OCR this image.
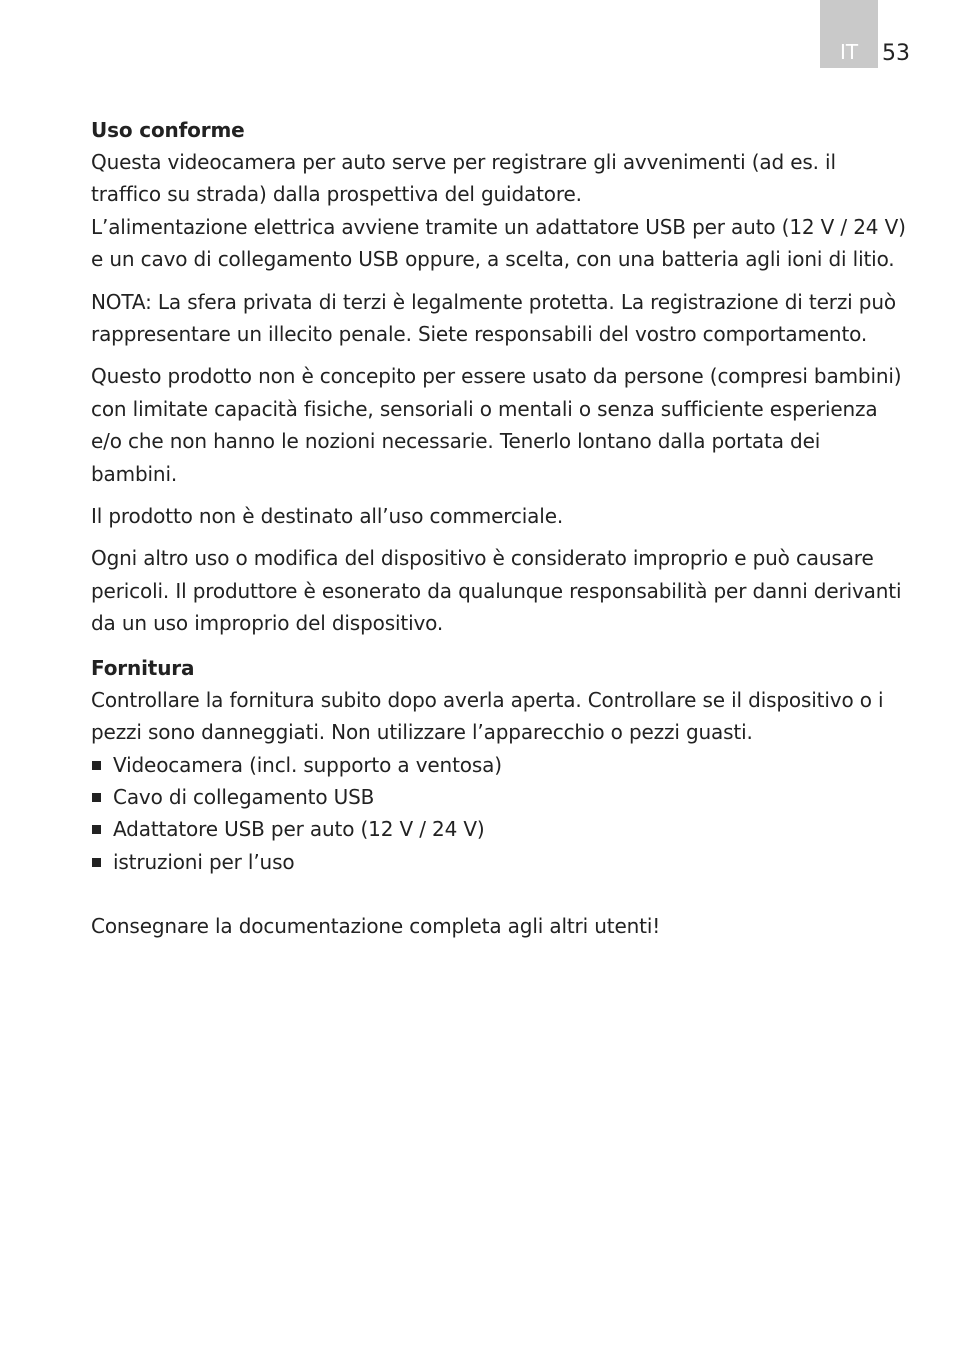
IT	53
Uso conforme

Questa videocamera per auto serve per registrare gli avvenimenti (ad es. il traffico su strada) dalla prospettiva del guidatore.

L’alimentazione elettrica avviene tramite un adattatore USB per auto (12 V / 24 V) e un cavo di collegamento USB oppure, a scelta, con una batteria agli ioni di litio.

NOTA: La sfera privata di terzi è legalmente protetta. La registrazione di terzi può rappresentare un illecito penale. Siete responsabili del vostro comportamento.

Questo prodotto non è concepito per essere usato da persone (compresi bambini) con limitate capacità fisiche, sensoriali o mentali o senza sufficiente esperienza e/o che non hanno le nozioni necessarie. Tenerlo lontano dalla portata dei bambini.

Il prodotto non è destinato all’uso commerciale.

Ogni altro uso o modifica del dispositivo è considerato improprio e può causare pericoli. Il produttore è esonerato da qualunque responsabilità per danni derivanti da un uso improprio del dispositivo.

Fornitura

Controllare la fornitura subito dopo averla aperta. Controllare se il dispositivo o i pezzi sono danneggiati. Non utilizzare l’apparecchio o pezzi guasti.

Videocamera (incl. supporto a ventosa)
Cavo di collegamento USB
Adattatore USB per auto (12 V / 24 V)
istruzioni per l’uso

Consegnare la documentazione completa agli altri utenti!
